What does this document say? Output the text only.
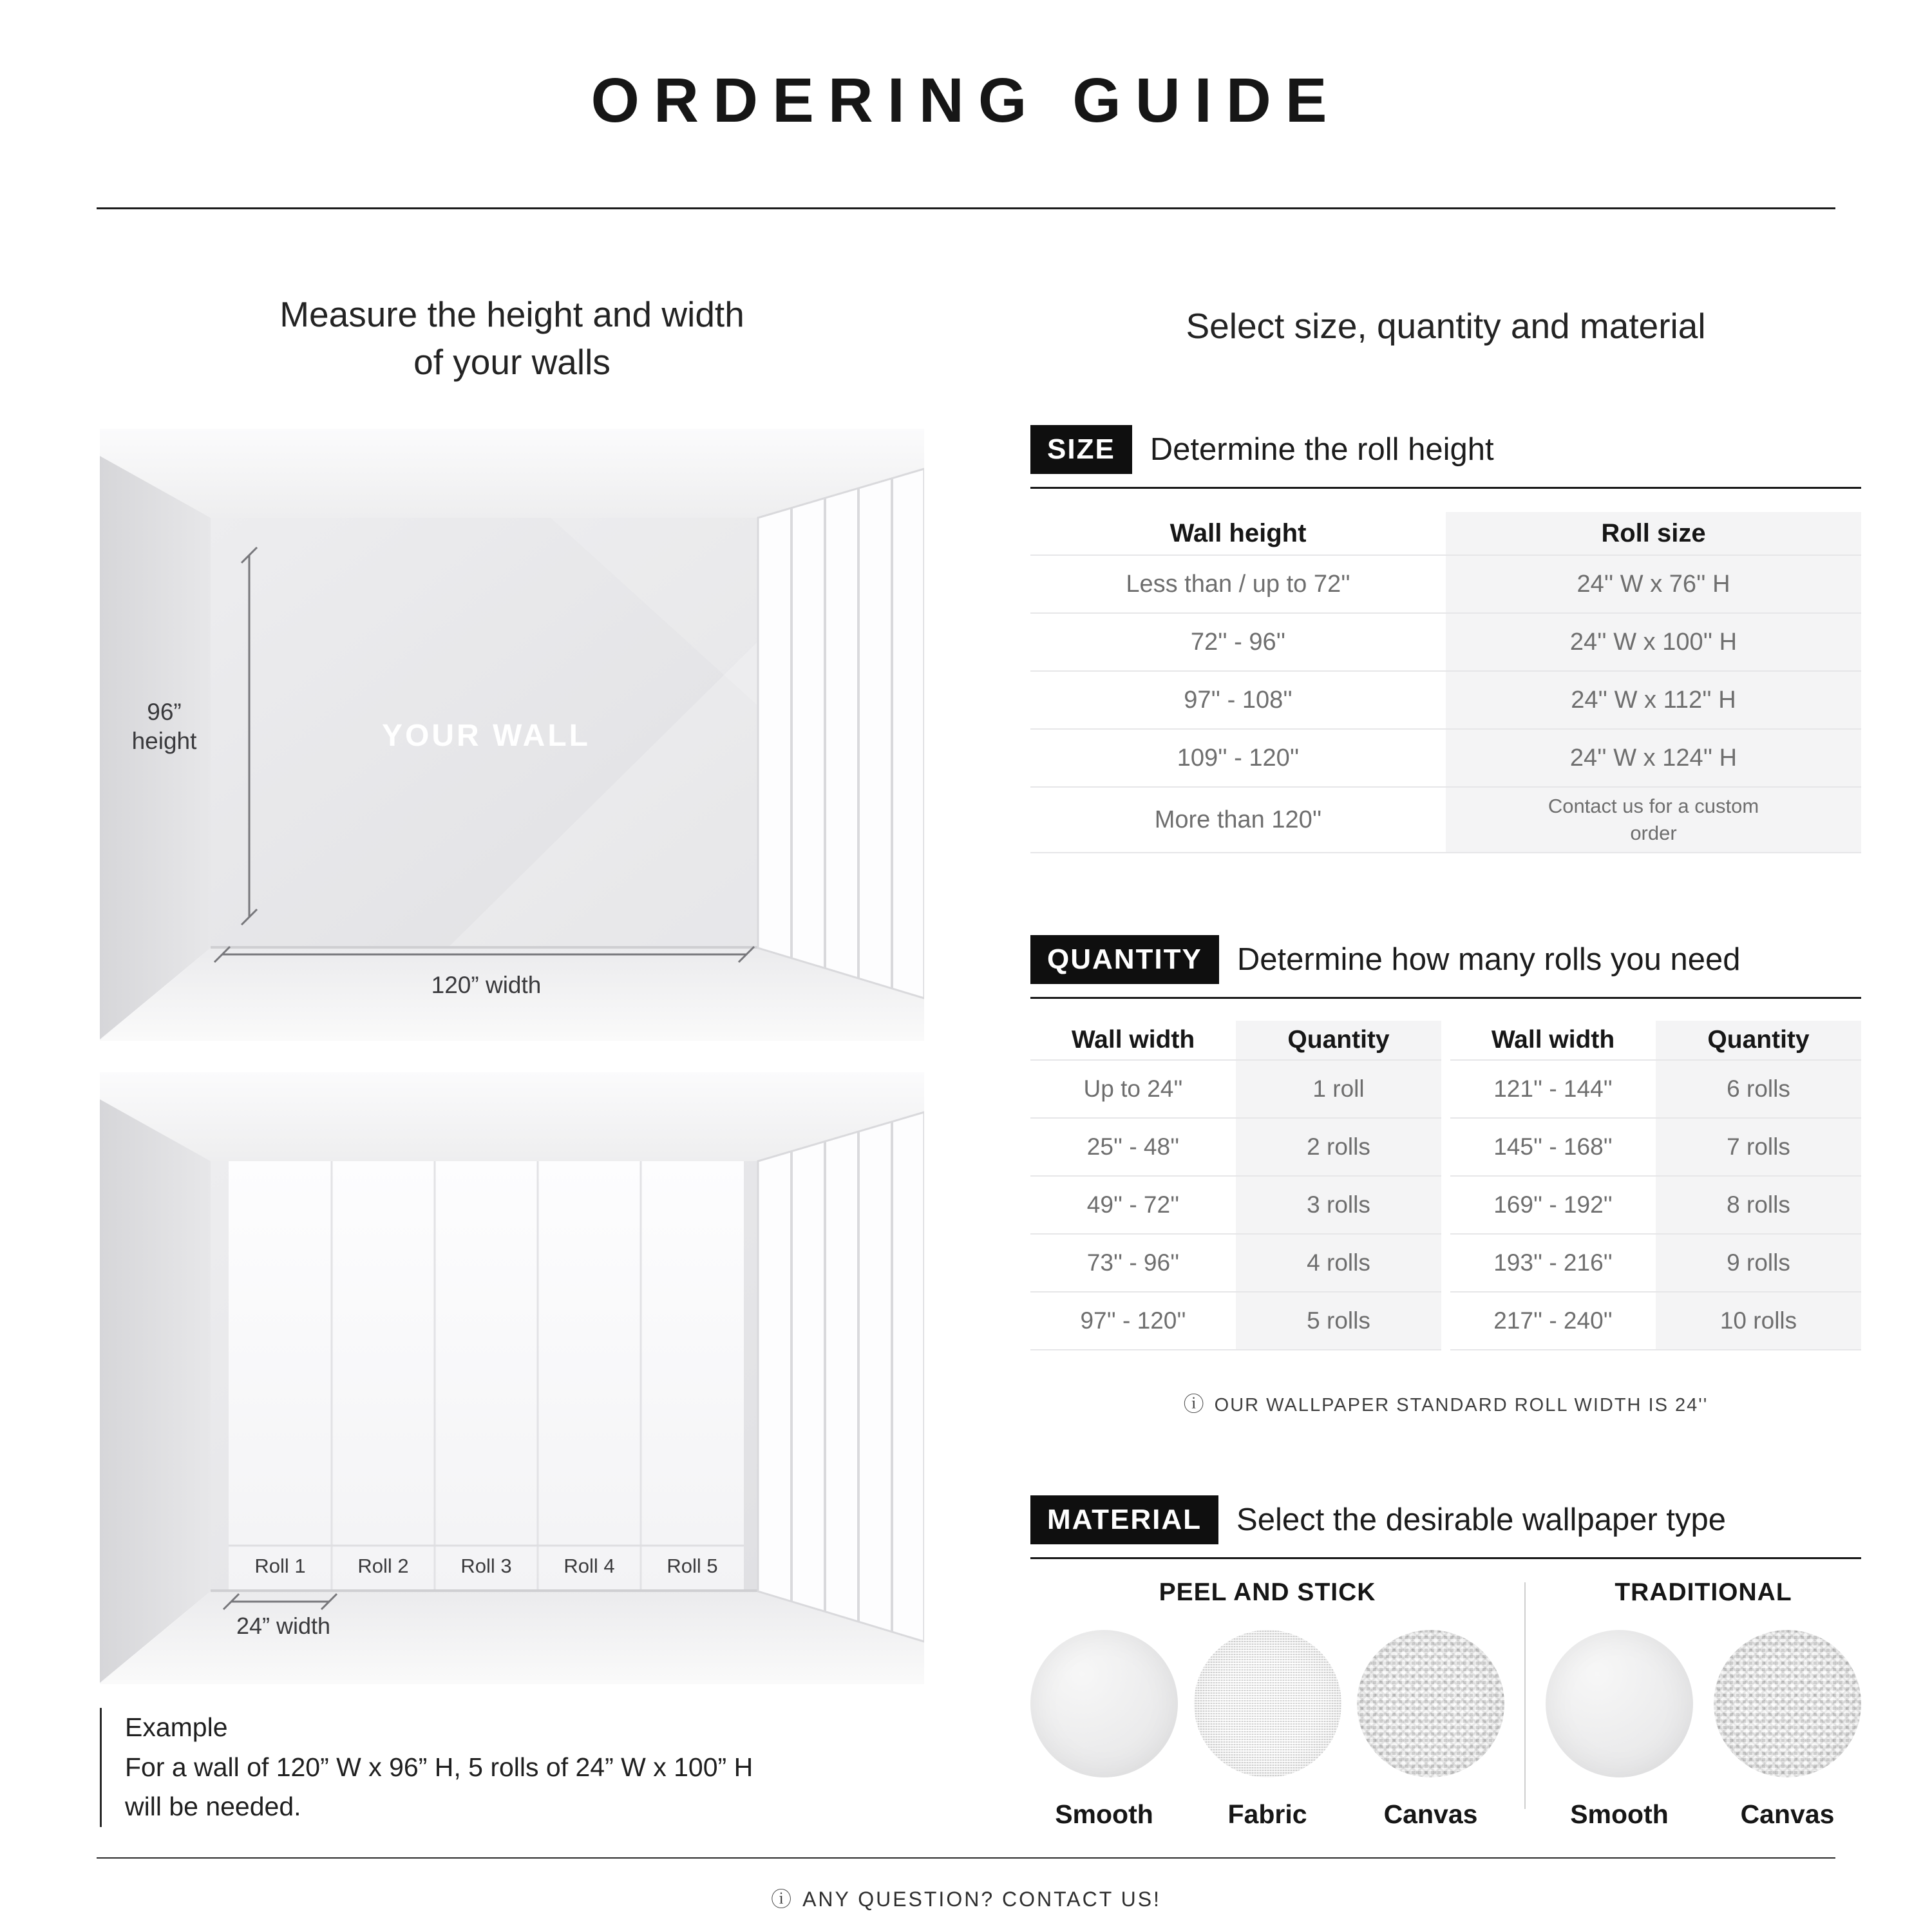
ORDERING GUIDE
Measure the height and width
of your walls
YOUR WALL
96”
height
120” width
Roll 1	Roll 2	Roll 3	Roll 4	Roll 5
24” width
Example
For a wall of 120” W x 96” H, 5 rolls of 24” W x 100” H
will be needed.
Select size, quantity and material
SIZE	Determine the roll height
Wall height	Roll size
Less than / up to 72''	24'' W x 76'' H
72'' - 96''	24'' W x 100'' H
97'' - 108''	24'' W x 112'' H
109'' - 120''	24'' W x 124'' H
More than 120''	Contact us for a custom order
QUANTITY	Determine how many rolls you need
Wall width	Quantity
Up to 24''	1 roll
25'' - 48''	2 rolls
49'' - 72''	3 rolls
73'' - 96''	4 rolls
97'' - 120''	5 rolls
Wall width	Quantity
121'' - 144''	6 rolls
145'' - 168''	7 rolls
169'' - 192''	8 rolls
193'' - 216''	9 rolls
217'' - 240''	10 rolls
ⓘ OUR WALLPAPER STANDARD ROLL WIDTH IS 24''
MATERIAL	Select the desirable wallpaper type
PEEL AND STICK
Smooth	Fabric	Canvas
TRADITIONAL
Smooth	Canvas
ⓘ ANY QUESTION? CONTACT US!
